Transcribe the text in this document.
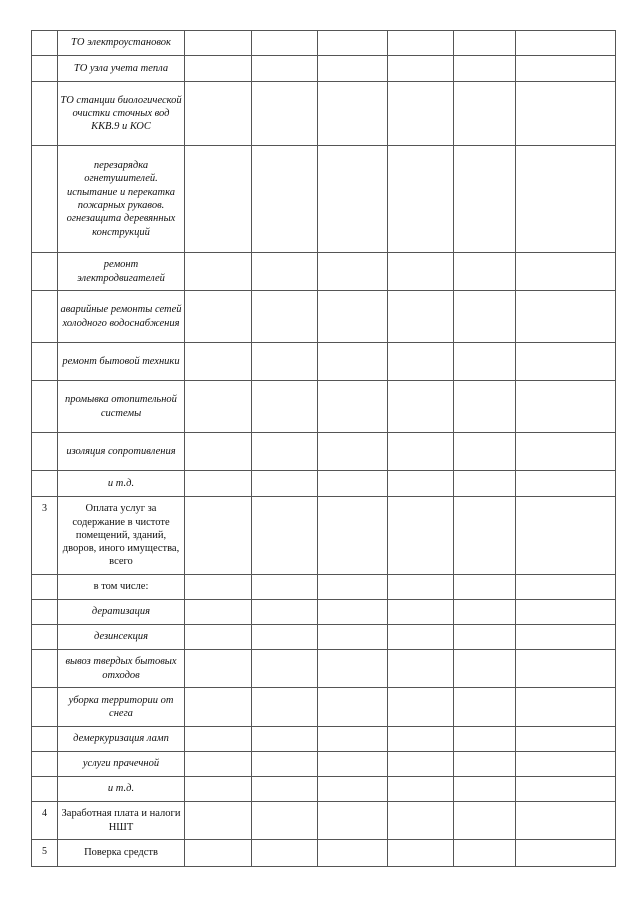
	ТО электроустановок						
	ТО узла учета тепла						
	ТО станции биологической очистки сточных вод ККВ.9 и КОС						
	перезарядка огнетушителей. испытание и перекатка пожарных рукавов. огнезащита деревянных конструкций						
	ремонт электродвигателей						
	аварийные ремонты сетей холодного водоснабжения						
	ремонт бытовой техники						
	промывка отопительной системы						
	изоляция сопротивления						
	и т.д.						
3	Оплата услуг за содержание в чистоте помещений, зданий, дворов, иного имущества, всего						
	в том числе:						
	дератизация						
	дезинсекция						
	вывоз твердых бытовых отходов						
	уборка территории от снега						
	демеркуризация ламп						
	услуги прачечной						
	и т.д.						
4	Заработная плата и налоги НШТ						
5	Поверка средств						
